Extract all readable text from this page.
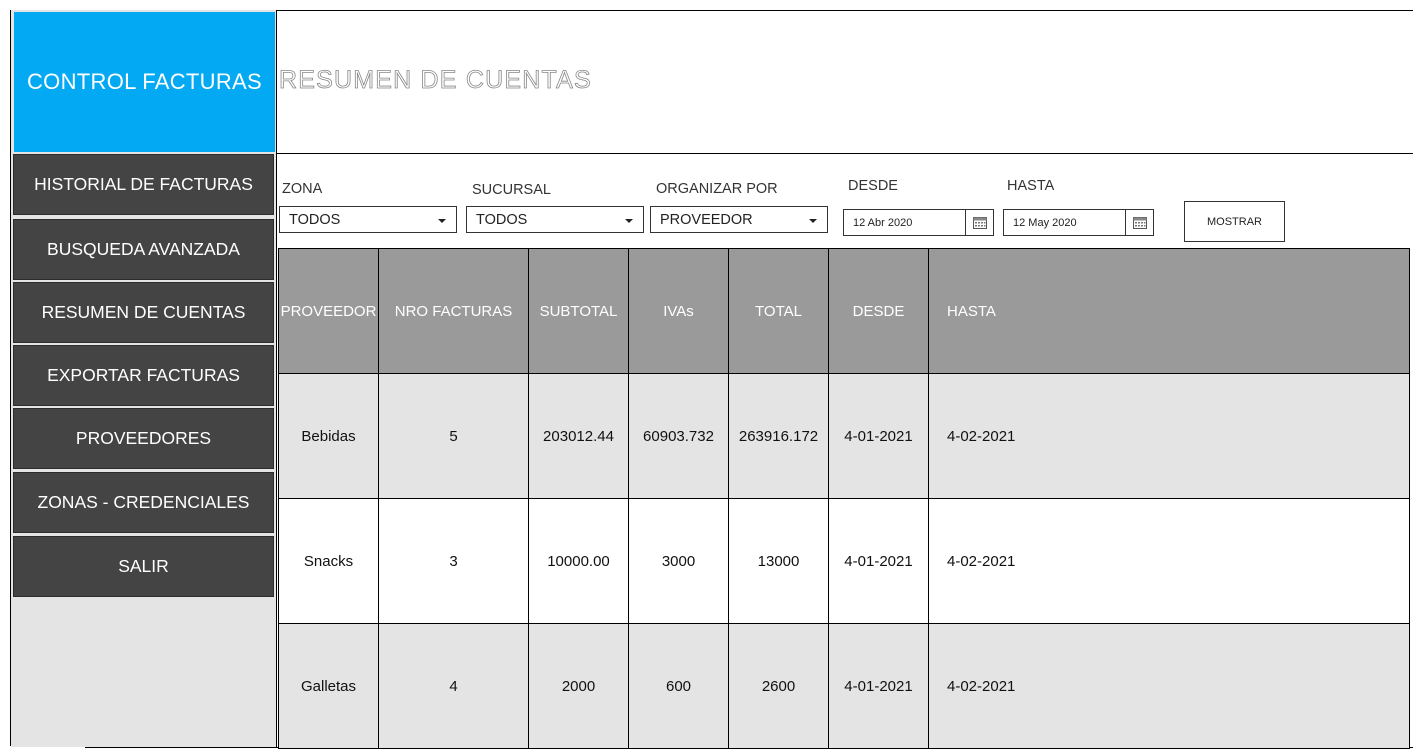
CONTROL FACTURAS
HISTORIAL DE FACTURAS
BUSQUEDA AVANZADA
RESUMEN DE CUENTAS
EXPORTAR FACTURAS
PROVEEDORES
ZONAS - CREDENCIALES
SALIR
RESUMEN DE CUENTAS
ZONA
TODOS
SUCURSAL
TODOS
ORGANIZAR POR
PROVEEDOR
DESDE
12 Abr 2020
HASTA
12 May 2020	MOSTRAR
PROVEEDOR	NRO FACTURAS	SUBTOTAL	IVAs	TOTAL	DESDE	HASTA
Bebidas	5	203012.44	60903.732	263916.172	4-01-2021	4-02-2021
Snacks	3	10000.00	3000	13000	4-01-2021	4-02-2021
Galletas	4	2000	600	2600	4-01-2021	4-02-2021
